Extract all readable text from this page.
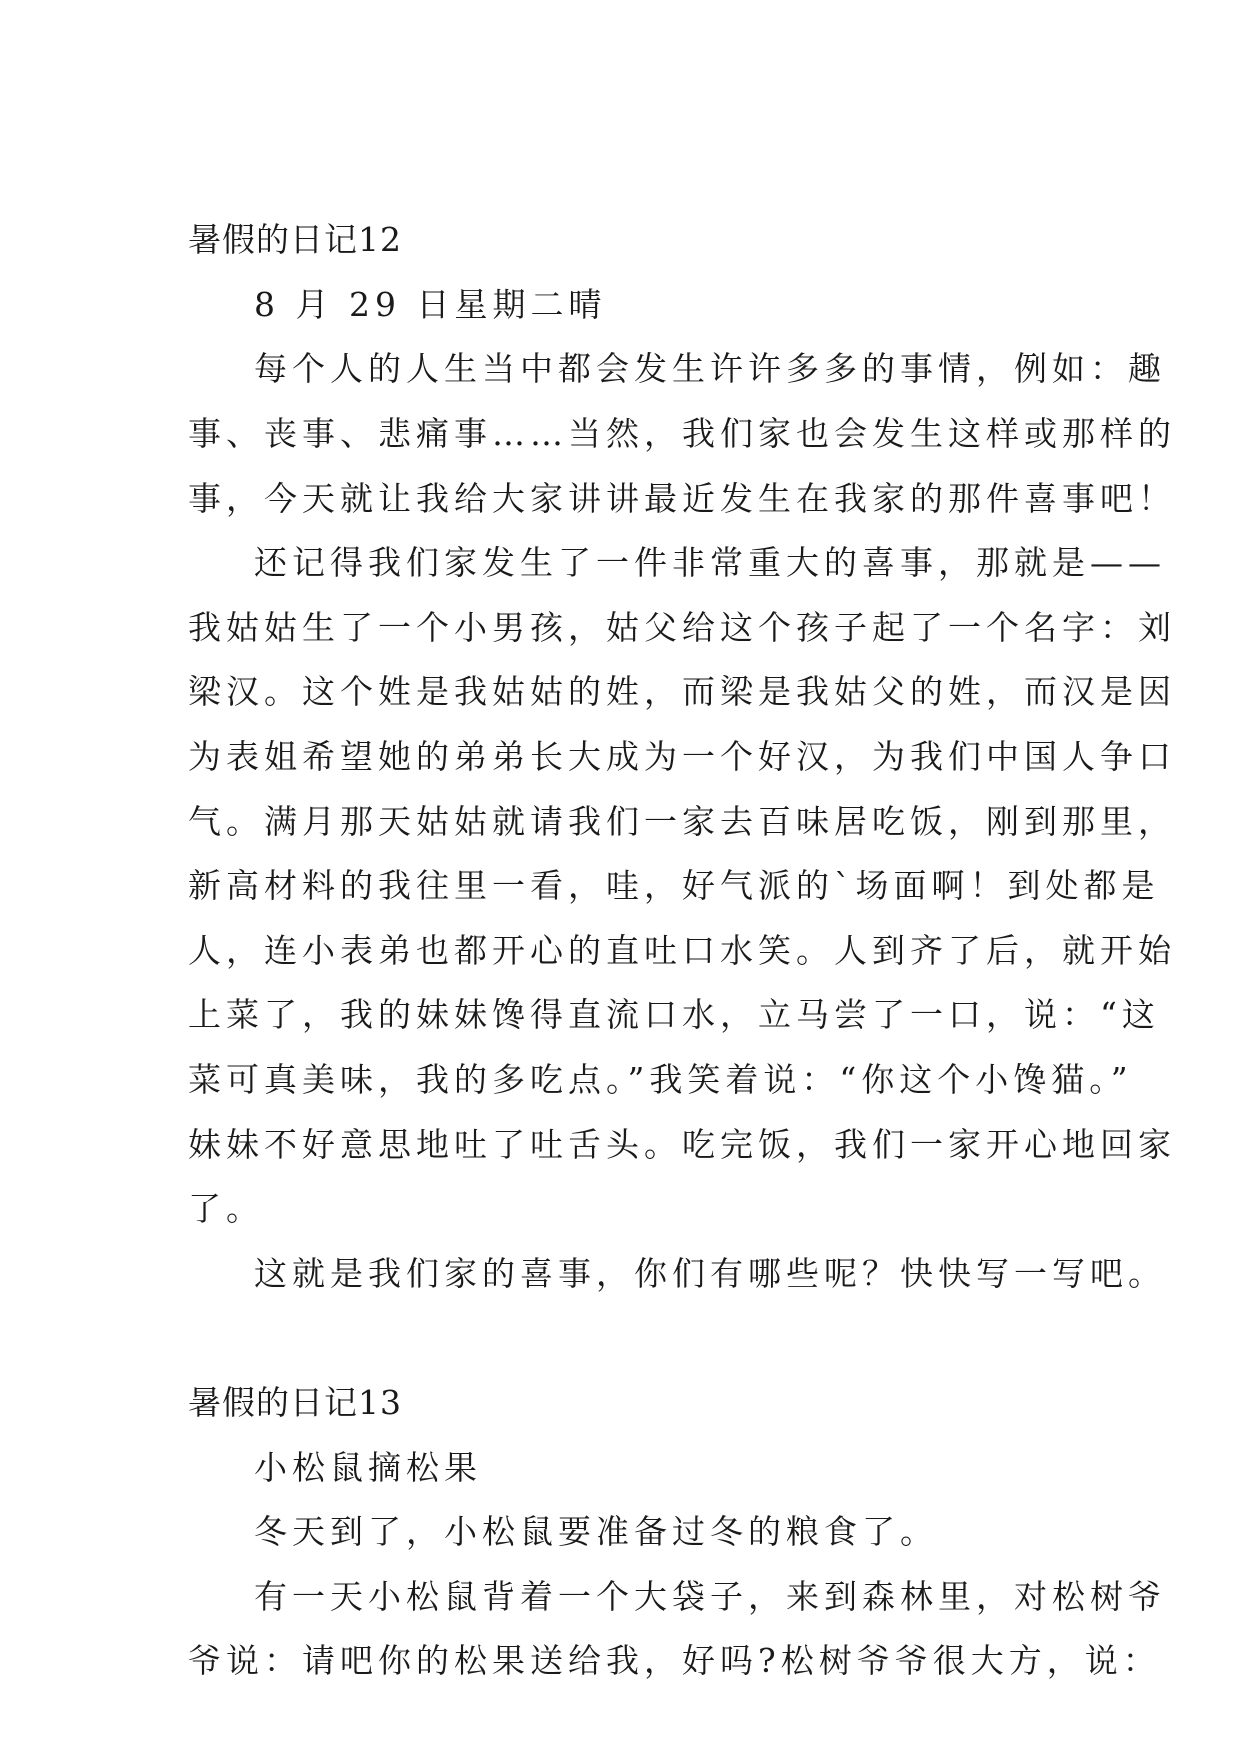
暑假的日记12
8 月 29 日星期二晴
每个人的人生当中都会发生许许多多的事情，例如：趣
事、丧事、悲痛事……当然，我们家也会发生这样或那样的
事，今天就让我给大家讲讲最近发生在我家的那件喜事吧！
还记得我们家发生了一件非常重大的喜事，那就是——
我姑姑生了一个小男孩，姑父给这个孩子起了一个名字：刘
梁汉。这个姓是我姑姑的姓，而梁是我姑父的姓，而汉是因
为表姐希望她的弟弟长大成为一个好汉，为我们中国人争口
气。满月那天姑姑就请我们一家去百味居吃饭，刚到那里，
新高材料的我往里一看，哇，好气派的`场面啊！到处都是
人，连小表弟也都开心的直吐口水笑。人到齐了后，就开始
上菜了，我的妹妹馋得直流口水，立马尝了一口，说：“这
菜可真美味，我的多吃点。”我笑着说：“你这个小馋猫。”
妹妹不好意思地吐了吐舌头。吃完饭，我们一家开心地回家
了。
这就是我们家的喜事，你们有哪些呢？快快写一写吧。
暑假的日记13
小松鼠摘松果
冬天到了，小松鼠要准备过冬的粮食了。
有一天小松鼠背着一个大袋子，来到森林里，对松树爷
爷说：请吧你的松果送给我，好吗?松树爷爷很大方，说：
